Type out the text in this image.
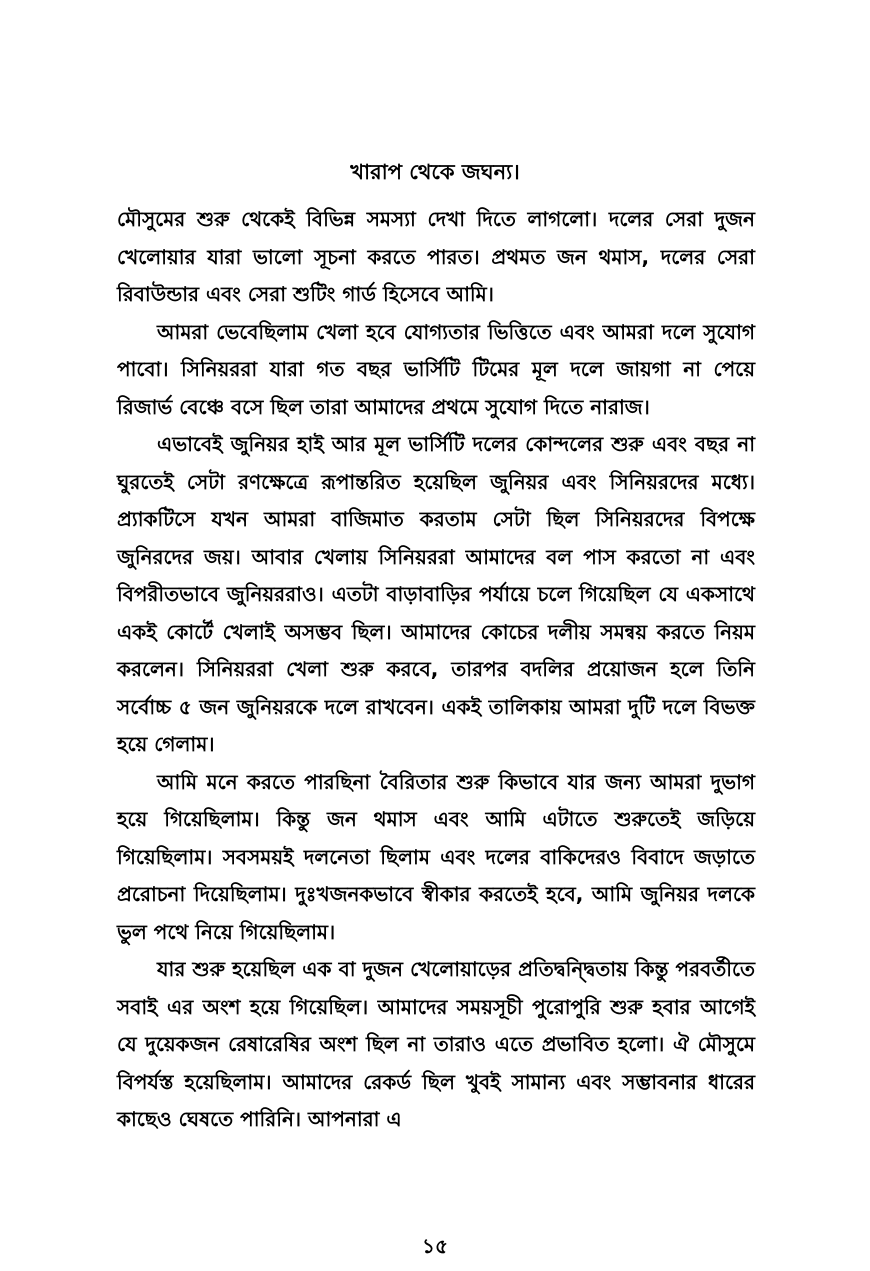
খারাপ থেকে জঘন্য।

মৌসুমের শুরু থেকেই বিভিন্ন সমস্যা দেখা দিতে লাগলো। দলের সেরা দুজন খেলোয়ার যারা ভালো সূচনা করতে পারত। প্রথমত জন থমাস, দলের সেরা রিবাউন্ডার এবং সেরা শুটিং গার্ড হিসেবে আমি।

আমরা ভেবেছিলাম খেলা হবে যোগ্যতার ভিত্তিতে এবং আমরা দলে সুযোগ পাবো। সিনিয়ররা যারা গত বছর ভার্সিটি টিমের মূল দলে জায়গা না পেয়ে রিজার্ভ বেঞ্চে বসে ছিল তারা আমাদের প্রথমে সুযোগ দিতে নারাজ।

এভাবেই জুনিয়র হাই আর মূল ভার্সিটি দলের কোন্দলের শুরু এবং বছর না ঘুরতেই সেটা রণক্ষেত্রে রূপান্তরিত হয়েছিল জুনিয়র এবং সিনিয়রদের মধ্যে। প্র্যাকটিসে যখন আমরা বাজিমাত করতাম সেটা ছিল সিনিয়রদের বিপক্ষে জুনিরদের জয়। আবার খেলায় সিনিয়ররা আমাদের বল পাস করতো না এবং বিপরীতভাবে জুনিয়ররাও। এতটা বাড়াবাড়ির পর্যায়ে চলে গিয়েছিল যে একসাথে একই কোর্টে খেলাই অসম্ভব ছিল। আমাদের কোচের দলীয় সমন্বয় করতে নিয়ম করলেন। সিনিয়ররা খেলা শুরু করবে, তারপর বদলির প্রয়োজন হলে তিনি সর্বোচ্চ ৫ জন জুনিয়রকে দলে রাখবেন। একই তালিকায় আমরা দুটি দলে বিভক্ত হয়ে গেলাম।

আমি মনে করতে পারছিনা বৈরিতার শুরু কিভাবে যার জন্য আমরা দুভাগ হয়ে গিয়েছিলাম। কিন্তু জন থমাস এবং আমি এটাতে শুরুতেই জড়িয়ে গিয়েছিলাম। সবসময়ই দলনেতা ছিলাম এবং দলের বাকিদেরও বিবাদে জড়াতে প্ররোচনা দিয়েছিলাম। দুঃখজনকভাবে স্বীকার করতেই হবে, আমি জুনিয়র দলকে ভুল পথে নিয়ে গিয়েছিলাম।

যার শুরু হয়েছিল এক বা দুজন খেলোয়াড়ের প্রতিদ্বন্দ্বিতায় কিন্তু পরবর্তীতে সবাই এর অংশ হয়ে গিয়েছিল। আমাদের সময়সূচী পুরোপুরি শুরু হবার আগেই যে দুয়েকজন রেষারেষির অংশ ছিল না তারাও এতে প্রভাবিত হলো। ঐ মৌসুমে বিপর্যস্ত হয়েছিলাম। আমাদের রেকর্ড ছিল খুবই সামান্য এবং সম্ভাবনার ধারের কাছেও ঘেষতে পারিনি। আপনারা এ

১৫
